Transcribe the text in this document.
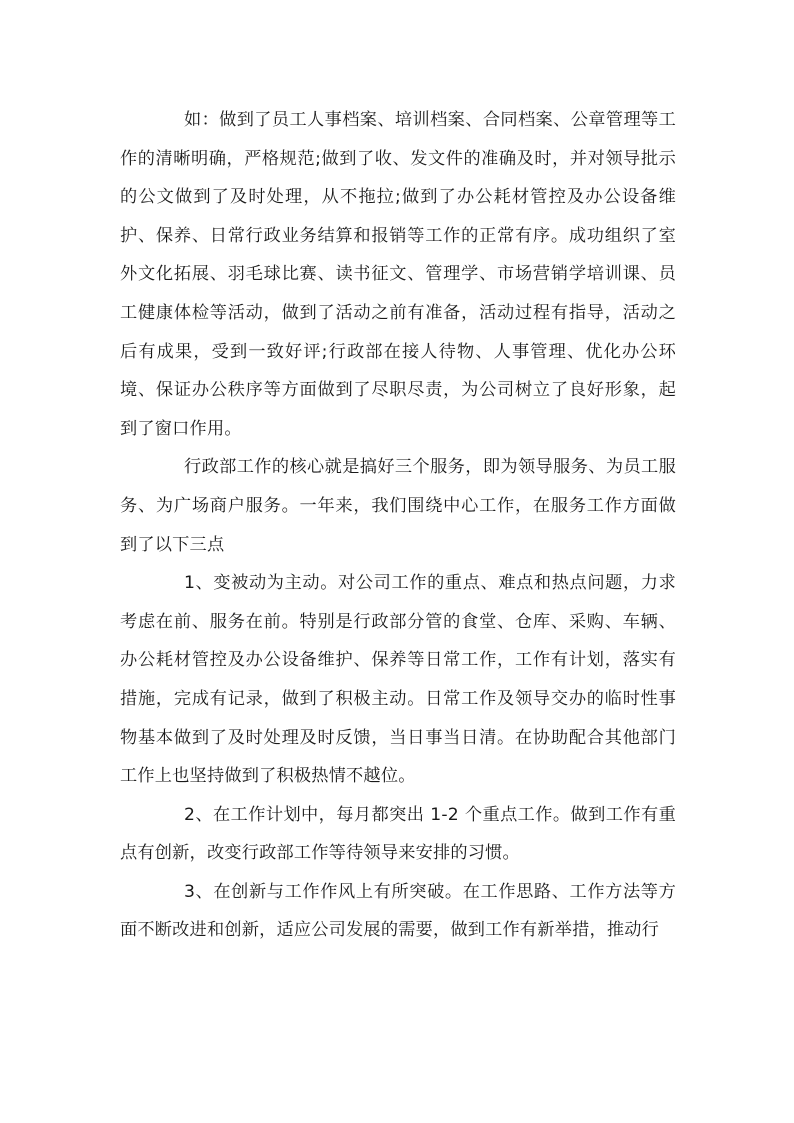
如：做到了员工人事档案、培训档案、合同档案、公章管理等工作的清晰明确，严格规范;做到了收、发文件的准确及时，并对领导批示的公文做到了及时处理，从不拖拉;做到了办公耗材管控及办公设备维护、保养、日常行政业务结算和报销等工作的正常有序。成功组织了室外文化拓展、羽毛球比赛、读书征文、管理学、市场营销学培训课、员工健康体检等活动，做到了活动之前有准备，活动过程有指导，活动之后有成果，受到一致好评;行政部在接人待物、人事管理、优化办公环境、保证办公秩序等方面做到了尽职尽责，为公司树立了良好形象，起到了窗口作用。

行政部工作的核心就是搞好三个服务，即为领导服务、为员工服务、为广场商户服务。一年来，我们围绕中心工作，在服务工作方面做到了以下三点

1、变被动为主动。对公司工作的重点、难点和热点问题，力求考虑在前、服务在前。特别是行政部分管的食堂、仓库、采购、车辆、办公耗材管控及办公设备维护、保养等日常工作，工作有计划，落实有措施，完成有记录，做到了积极主动。日常工作及领导交办的临时性事物基本做到了及时处理及时反馈，当日事当日清。在协助配合其他部门工作上也坚持做到了积极热情不越位。

2、在工作计划中，每月都突出 1-2 个重点工作。做到工作有重点有创新，改变行政部工作等待领导来安排的习惯。

3、在创新与工作作风上有所突破。在工作思路、工作方法等方面不断改进和创新，适应公司发展的需要，做到工作有新举措，推动行
